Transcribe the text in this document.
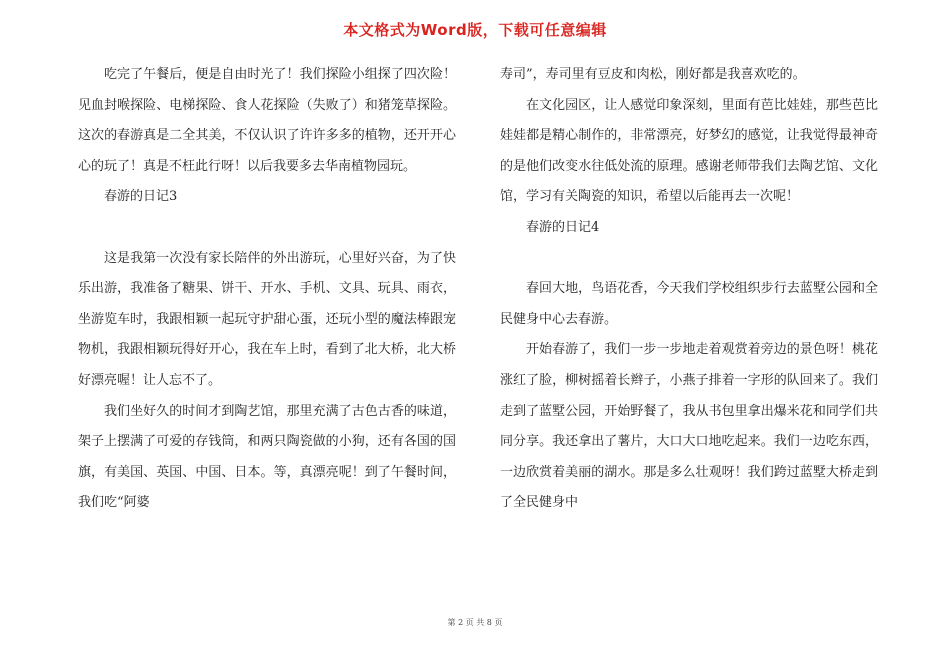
本文格式为Word版，下载可任意编辑

吃完了午餐后，便是自由时光了！我们探险小组探了四次险！见血封喉探险、电梯探险、食人花探险（失败了）和猪笼草探险。这次的春游真是二全其美，不仅认识了许许多多的植物，还开开心心的玩了！真是不枉此行呀！以后我要多去华南植物园玩。

春游的日记3

这是我第一次没有家长陪伴的外出游玩，心里好兴奋，为了快乐出游，我准备了糖果、饼干、开水、手机、文具、玩具、雨衣，坐游览车时，我跟相颖一起玩守护甜心蛋，还玩小型的魔法棒跟宠物机，我跟相颖玩得好开心，我在车上时，看到了北大桥，北大桥好漂亮喔！让人忘不了。

我们坐好久的时间才到陶艺馆，那里充满了古色古香的味道，架子上摆满了可爱的存钱筒，和两只陶瓷做的小狗，还有各国的国旗，有美国、英国、中国、日本。等，真漂亮呢！到了午餐时间，我们吃“阿婆

寿司”，寿司里有豆皮和肉松，刚好都是我喜欢吃的。

在文化园区，让人感觉印象深刻，里面有芭比娃娃，那些芭比娃娃都是精心制作的，非常漂亮，好梦幻的感觉，让我觉得最神奇的是他们改变水往低处流的原理。感谢老师带我们去陶艺馆、文化馆，学习有关陶瓷的知识，希望以后能再去一次呢！

春游的日记4

春回大地，鸟语花香，今天我们学校组织步行去蓝墅公园和全民健身中心去春游。

开始春游了，我们一步一步地走着观赏着旁边的景色呀！桃花涨红了脸，柳树摇着长辫子，小燕子排着一字形的队回来了。我们走到了蓝墅公园，开始野餐了，我从书包里拿出爆米花和同学们共同分享。我还拿出了薯片，大口大口地吃起来。我们一边吃东西，一边欣赏着美丽的湖水。那是多么壮观呀！我们跨过蓝墅大桥走到了全民健身中

第 2 页 共 8 页
